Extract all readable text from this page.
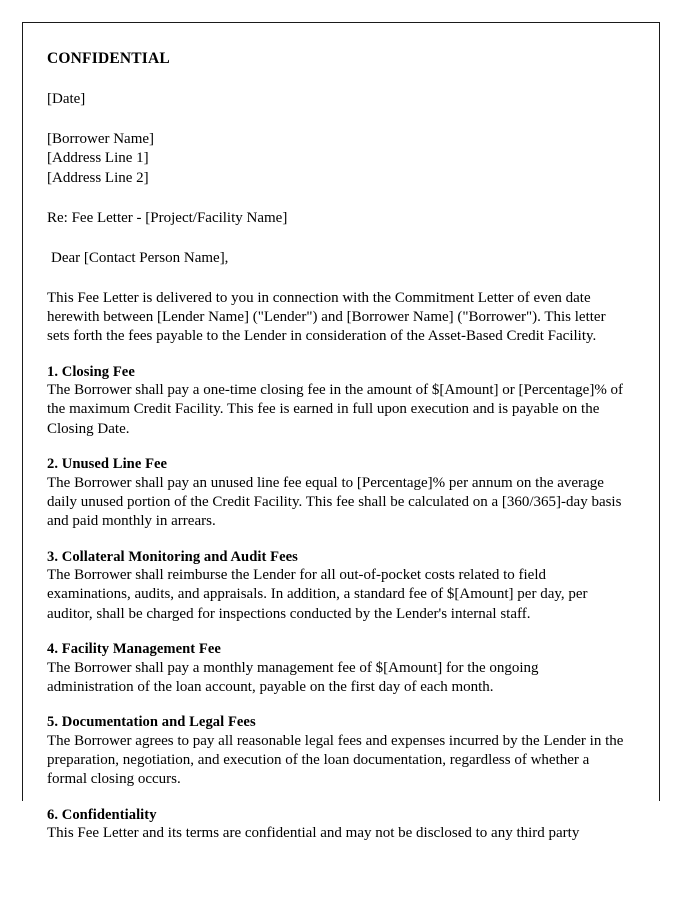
CONFIDENTIAL
[Date]
[Borrower Name]
[Address Line 1]
[Address Line 2]
Re: Fee Letter - [Project/Facility Name]
Dear [Contact Person Name],
This Fee Letter is delivered to you in connection with the Commitment Letter of even date herewith between [Lender Name] ("Lender") and [Borrower Name] ("Borrower"). This letter sets forth the fees payable to the Lender in consideration of the Asset-Based Credit Facility.
1. Closing Fee
The Borrower shall pay a one-time closing fee in the amount of $[Amount] or [Percentage]% of the maximum Credit Facility. This fee is earned in full upon execution and is payable on the Closing Date.
2. Unused Line Fee
The Borrower shall pay an unused line fee equal to [Percentage]% per annum on the average daily unused portion of the Credit Facility. This fee shall be calculated on a [360/365]-day basis and paid monthly in arrears.
3. Collateral Monitoring and Audit Fees
The Borrower shall reimburse the Lender for all out-of-pocket costs related to field examinations, audits, and appraisals. In addition, a standard fee of $[Amount] per day, per auditor, shall be charged for inspections conducted by the Lender's internal staff.
4. Facility Management Fee
The Borrower shall pay a monthly management fee of $[Amount] for the ongoing administration of the loan account, payable on the first day of each month.
5. Documentation and Legal Fees
The Borrower agrees to pay all reasonable legal fees and expenses incurred by the Lender in the preparation, negotiation, and execution of the loan documentation, regardless of whether a formal closing occurs.
6. Confidentiality
This Fee Letter and its terms are confidential and may not be disclosed to any third party
